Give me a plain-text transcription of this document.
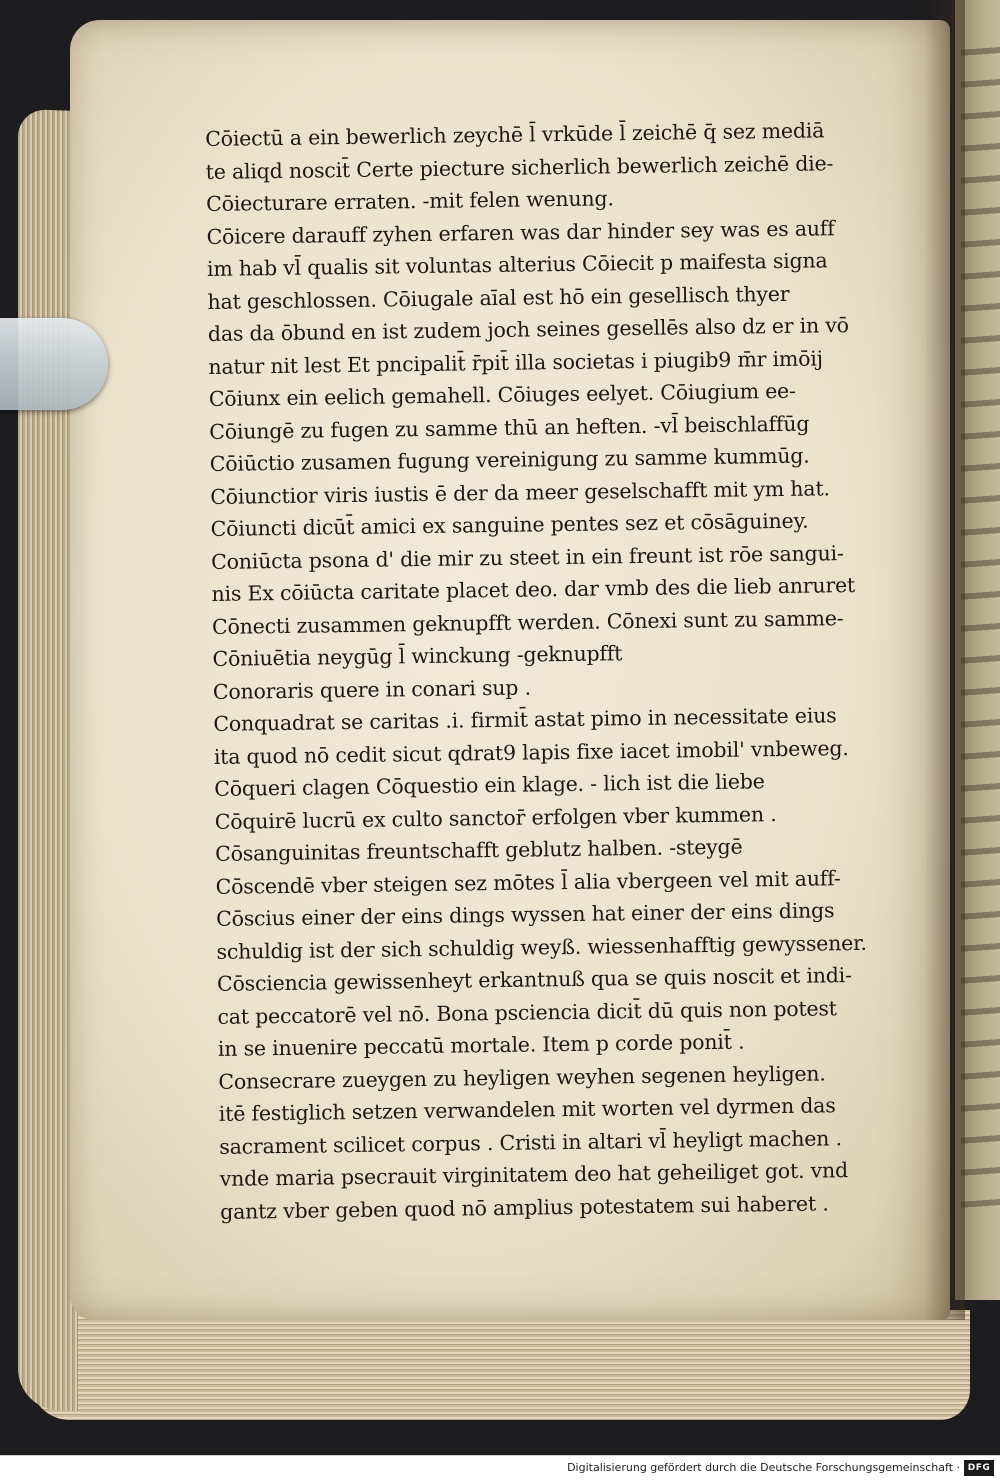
Cōiectū a ein bewerlich zeychē l̄ vrkūde l̄ zeichē q̄ sez mediā
te aliqd noscit̄ Certe piecture sicherlich bewerlich zeichē die-
Cōiecturare erraten. -mit felen wenung.
Cōicere darauff zyhen erfaren was dar hinder sey was es auff
im hab vl̄ qualis sit voluntas alterius Cōiecit p maifesta signa
hat geschlossen. Cōiugale aīal est hō ein gesellisch thyer
das da ōbund en ist zudem joch seines gesellēs also dz er in vō
natur nit lest Et pncipalit̄ r̄pit̄ illa societas i piugib9 m̄r imōij
Cōiunx ein eelich gemahell. Cōiuges eelyet. Cōiugium ee-
Cōiungē zu fugen zu samme thū an heften. -vl̄ beischlaffūg
Cōiūctio zusamen fugung vereinigung zu samme kummūg.
Cōiunctior viris iustis ē der da meer geselschafft mit ym hat.
Cōiuncti dicūt̄ amici ex sanguine pentes sez et cōsāguiney.
Coniūcta psona d' die mir zu steet in ein freunt ist rōe sangui-
nis Ex cōiūcta caritate placet deo. dar vmb des die lieb anruret
Cōnecti zusammen geknupfft werden. Cōnexi sunt zu samme-
Cōniuētia neygūg l̄ winckung -geknupfft
Conoraris quere in conari sup .
Conquadrat se caritas .i. firmit̄ astat pimo in necessitate eius
ita quod nō cedit sicut qdrat9 lapis fixe iacet imobil' vnbeweg.
Cōqueri clagen Cōquestio ein klage. - lich ist die liebe
Cōquirē lucrū ex culto sanctor̄ erfolgen vber kummen .
Cōsanguinitas freuntschafft geblutz halben. -steygē
Cōscendē vber steigen sez mōtes l̄ alia vbergeen vel mit auff-
Cōscius einer der eins dings wyssen hat einer der eins dings
schuldig ist der sich schuldig weyß. wiessenhafftig gewyssener.
Cōsciencia gewissenheyt erkantnuß qua se quis noscit et indi-
cat peccatorē vel nō. Bona psciencia dicit̄ dū quis non potest
in se inuenire peccatū mortale. Item p corde ponit̄ .
Consecrare zueygen zu heyligen weyhen segenen heyligen.
itē festiglich setzen verwandelen mit worten vel dyrmen das
sacrament scilicet corpus . Cristi in altari vl̄ heyligt machen .
vnde maria psecrauit virginitatem deo hat geheiliget got. vnd
gantz vber geben quod nō amplius potestatem sui haberet .
Digitalisierung gefördert durch die Deutsche Forschungsgemeinschaft · DFG
